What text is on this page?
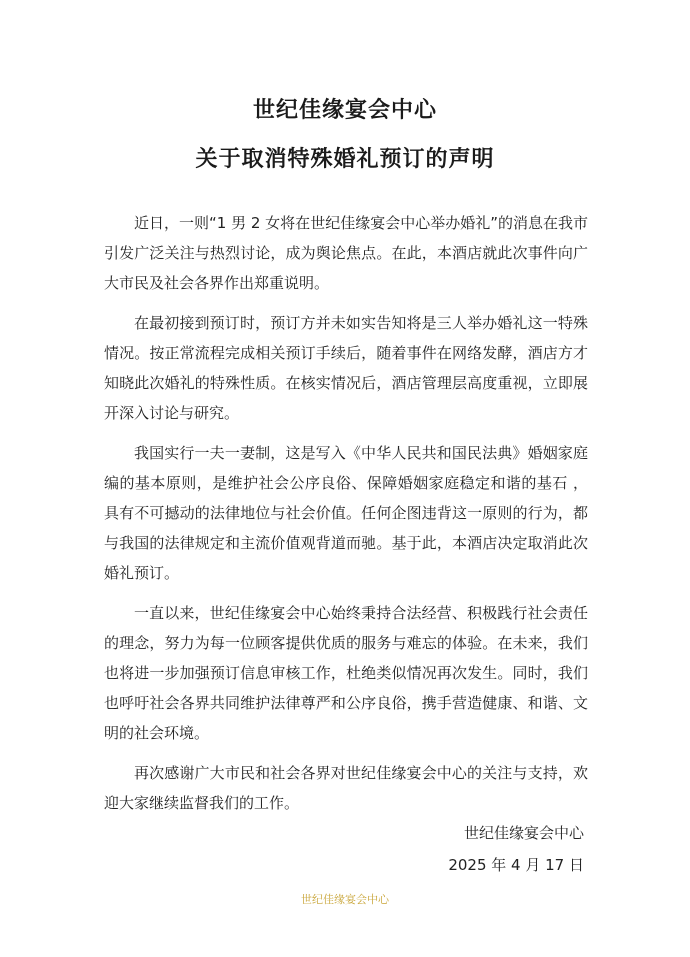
世纪佳缘宴会中心
关于取消特殊婚礼预订的声明

近日，一则“1 男 2 女将在世纪佳缘宴会中心举办婚礼”的消息在我市引发广泛关注与热烈讨论，成为舆论焦点。在此，本酒店就此次事件向广大市民及社会各界作出郑重说明。

在最初接到预订时，预订方并未如实告知将是三人举办婚礼这一特殊情况。按正常流程完成相关预订手续后，随着事件在网络发酵，酒店方才知晓此次婚礼的特殊性质。在核实情况后，酒店管理层高度重视，立即展开深入讨论与研究。

我国实行一夫一妻制，这是写入《中华人民共和国民法典》婚姻家庭编的基本原则，是维护社会公序良俗、保障婚姻家庭稳定和谐的基石 ，具有不可撼动的法律地位与社会价值。任何企图违背这一原则的行为，都与我国的法律规定和主流价值观背道而驰。基于此，本酒店决定取消此次婚礼预订。

一直以来，世纪佳缘宴会中心始终秉持合法经营、积极践行社会责任的理念，努力为每一位顾客提供优质的服务与难忘的体验。在未来，我们也将进一步加强预订信息审核工作，杜绝类似情况再次发生。同时，我们也呼吁社会各界共同维护法律尊严和公序良俗，携手营造健康、和谐、文明的社会环境。

再次感谢广大市民和社会各界对世纪佳缘宴会中心的关注与支持，欢迎大家继续监督我们的工作。

世纪佳缘宴会中心
2025 年 4 月 17 日
世纪佳缘宴会中心
